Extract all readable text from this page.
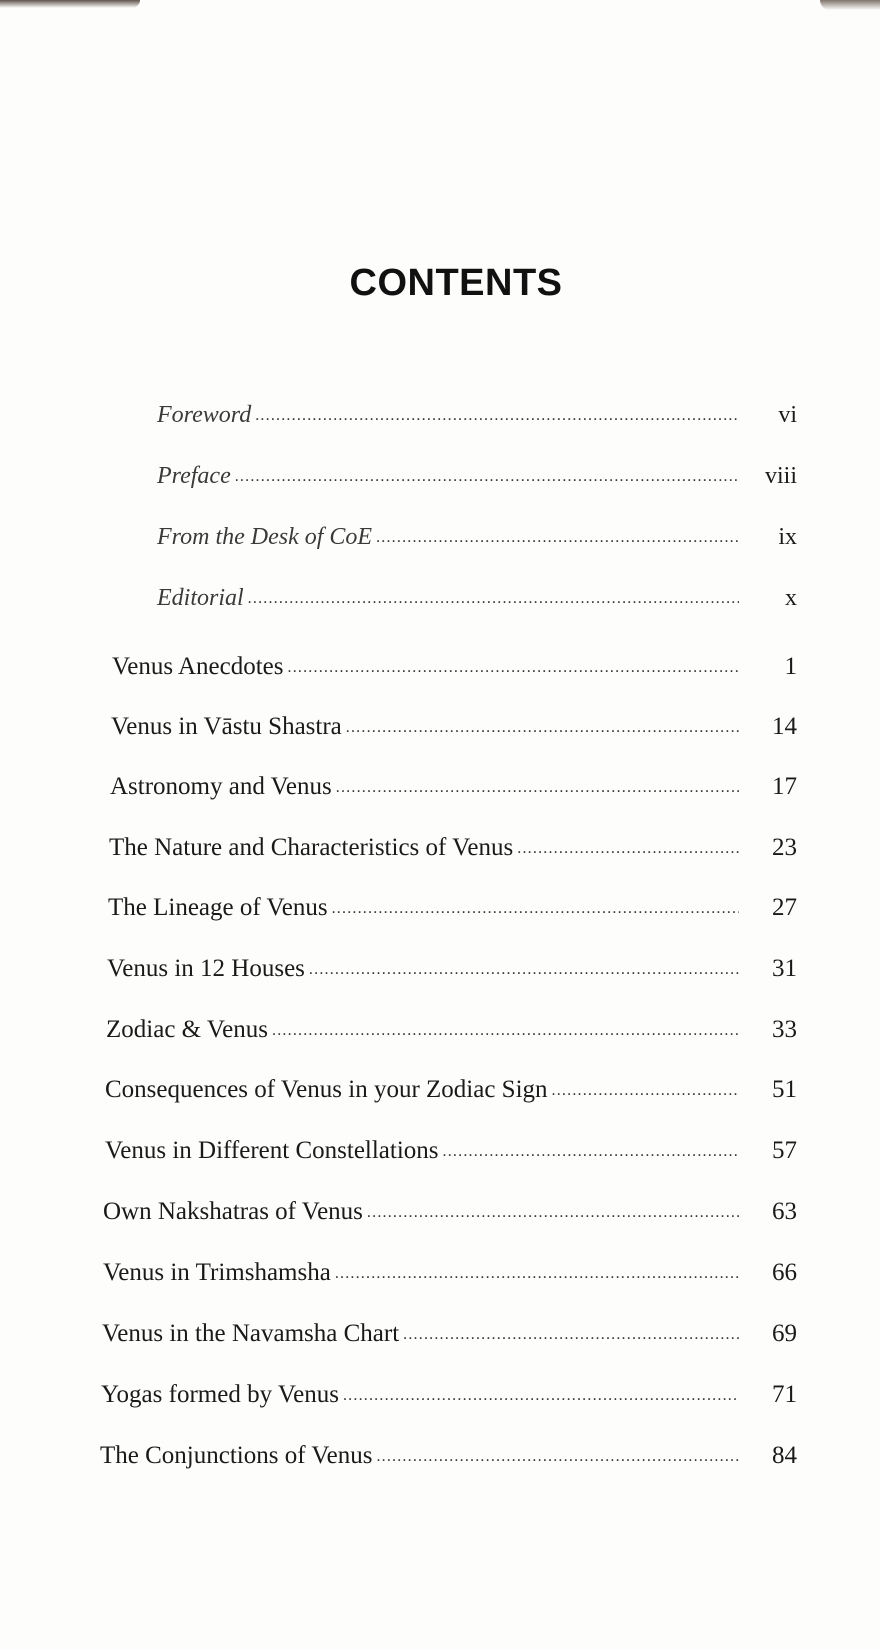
CONTENTS
Foreword .....	vi
Preface .....	viii
From the Desk of CoE .....	ix
Editorial .....	x
Venus Anecdotes .....	1
Venus in Vāstu Shastra .....	14
Astronomy and Venus .....	17
The Nature and Characteristics of Venus .....	23
The Lineage of Venus .....	27
Venus in 12 Houses .....	31
Zodiac & Venus .....	33
Consequences of Venus in your Zodiac Sign .....	51
Venus in Different Constellations .....	57
Own Nakshatras of Venus .....	63
Venus in Trimshamsha .....	66
Venus in the Navamsha Chart .....	69
Yogas formed by Venus .....	71
The Conjunctions of Venus .....	84
